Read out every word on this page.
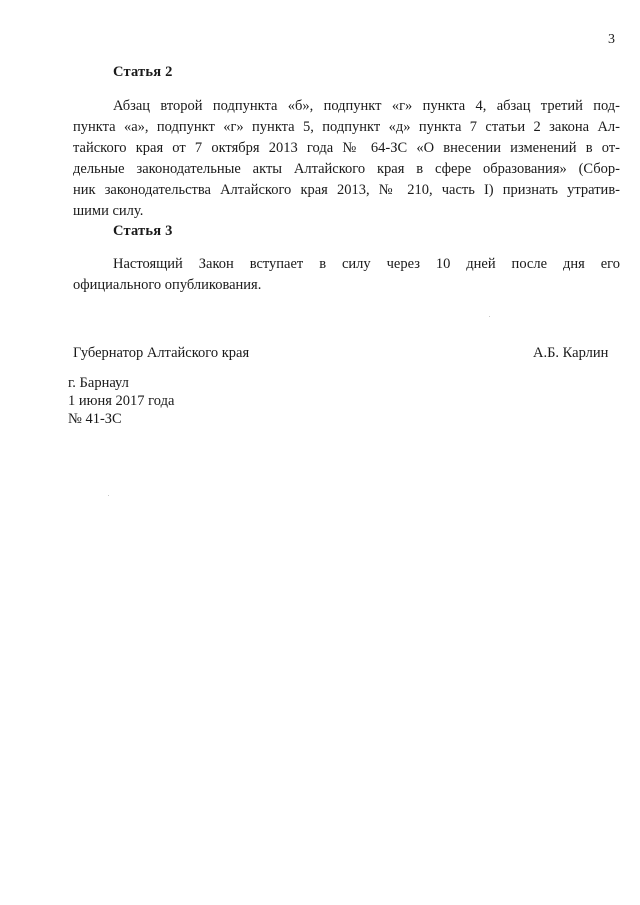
3
Статья 2
Абзац второй подпункта «б», подпункт «г» пункта 4, абзац третий под-
пункта «а», подпункт «г» пункта 5, подпункт «д» пункта 7 статьи 2 закона Ал-
тайского края от 7 октября 2013 года № 64-ЗС «О внесении изменений в от-
дельные законодательные акты Алтайского края в сфере образования» (Сбор-
ник законодательства Алтайского края 2013, № 210, часть I) признать утратив-
шими силу.
Статья 3
Настоящий Закон вступает в силу через 10 дней после дня его
официального опубликования.
Губернатор Алтайского края	А.Б. Карлин
г. Барнаул
1 июня 2017 года
№ 41-ЗС
